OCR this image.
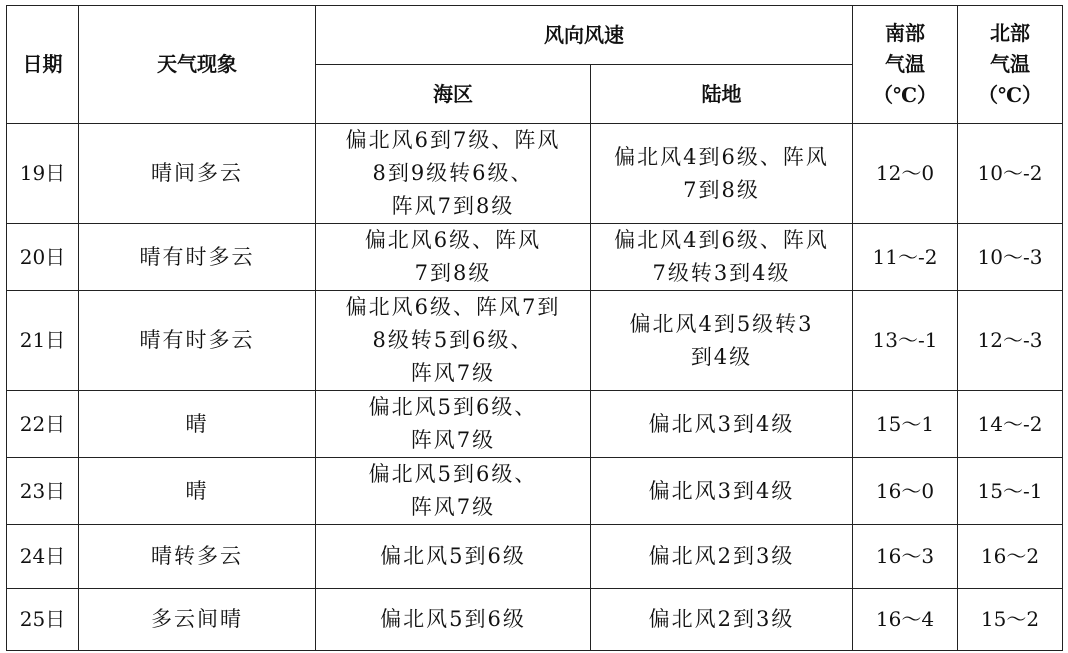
日期	天气现象	风向风速		南部
气温
（℃）	北部
气温
（℃）

		海区	陆地		
19日	晴间多云	偏北风6到7级、阵风
8到9级转6级、
阵风7到8级	偏北风4到6级、阵风
7到8级	12～0	10～-2
20日	晴有时多云	偏北风6级、阵风
7到8级	偏北风4到6级、阵风
7级转3到4级	11～-2	10～-3
21日	晴有时多云	偏北风6级、阵风7到
8级转5到6级、
阵风7级	偏北风4到5级转3
到4级	13～-1	12～-3
22日	晴	偏北风5到6级、
阵风7级	偏北风3到4级	15～1	14～-2
23日	晴	偏北风5到6级、
阵风7级	偏北风3到4级	16～0	15～-1
24日	晴转多云	偏北风5到6级	偏北风2到3级	16～3	16～2
25日	多云间晴	偏北风5到6级	偏北风2到3级	16～4	15～2
